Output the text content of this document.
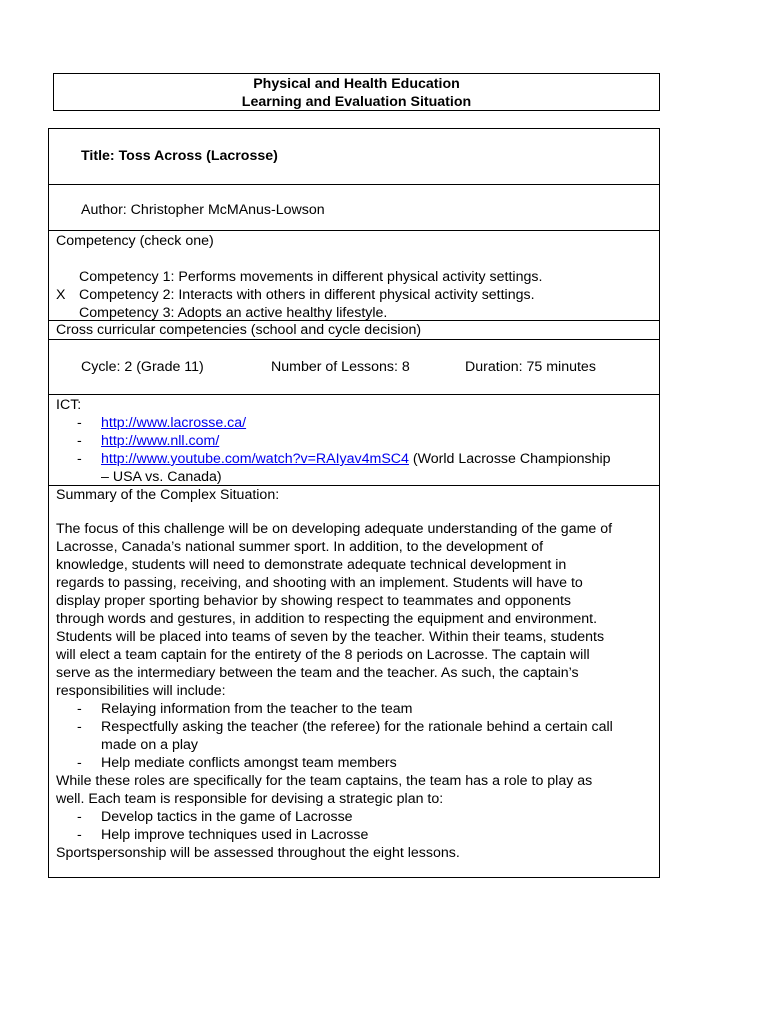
Physical and Health Education
Learning and Evaluation Situation
Title: Toss Across (Lacrosse)
Author: Christopher McMAnus-Lowson
Competency (check one)
Competency 1: Performs movements in different physical activity settings.
X Competency 2: Interacts with others in different physical activity settings.
Competency 3: Adopts an active healthy lifestyle.
Cross curricular competencies (school and cycle decision)
Cycle: 2 (Grade 11)	Number of Lessons: 8	Duration: 75 minutes
ICT:
- http://www.lacrosse.ca/
- http://www.nll.com/
- http://www.youtube.com/watch?v=RAIyav4mSC4 (World Lacrosse Championship
– USA vs. Canada)
Summary of the Complex Situation:
The focus of this challenge will be on developing adequate understanding of the game of
Lacrosse, Canada’s national summer sport. In addition, to the development of
knowledge, students will need to demonstrate adequate technical development in
regards to passing, receiving, and shooting with an implement. Students will have to
display proper sporting behavior by showing respect to teammates and opponents
through words and gestures, in addition to respecting the equipment and environment.
Students will be placed into teams of seven by the teacher. Within their teams, students
will elect a team captain for the entirety of the 8 periods on Lacrosse. The captain will
serve as the intermediary between the team and the teacher. As such, the captain’s
responsibilities will include:
- Relaying information from the teacher to the team
- Respectfully asking the teacher (the referee) for the rationale behind a certain call
made on a play
- Help mediate conflicts amongst team members
While these roles are specifically for the team captains, the team has a role to play as
well. Each team is responsible for devising a strategic plan to:
- Develop tactics in the game of Lacrosse
- Help improve techniques used in Lacrosse
Sportspersonship will be assessed throughout the eight lessons.
